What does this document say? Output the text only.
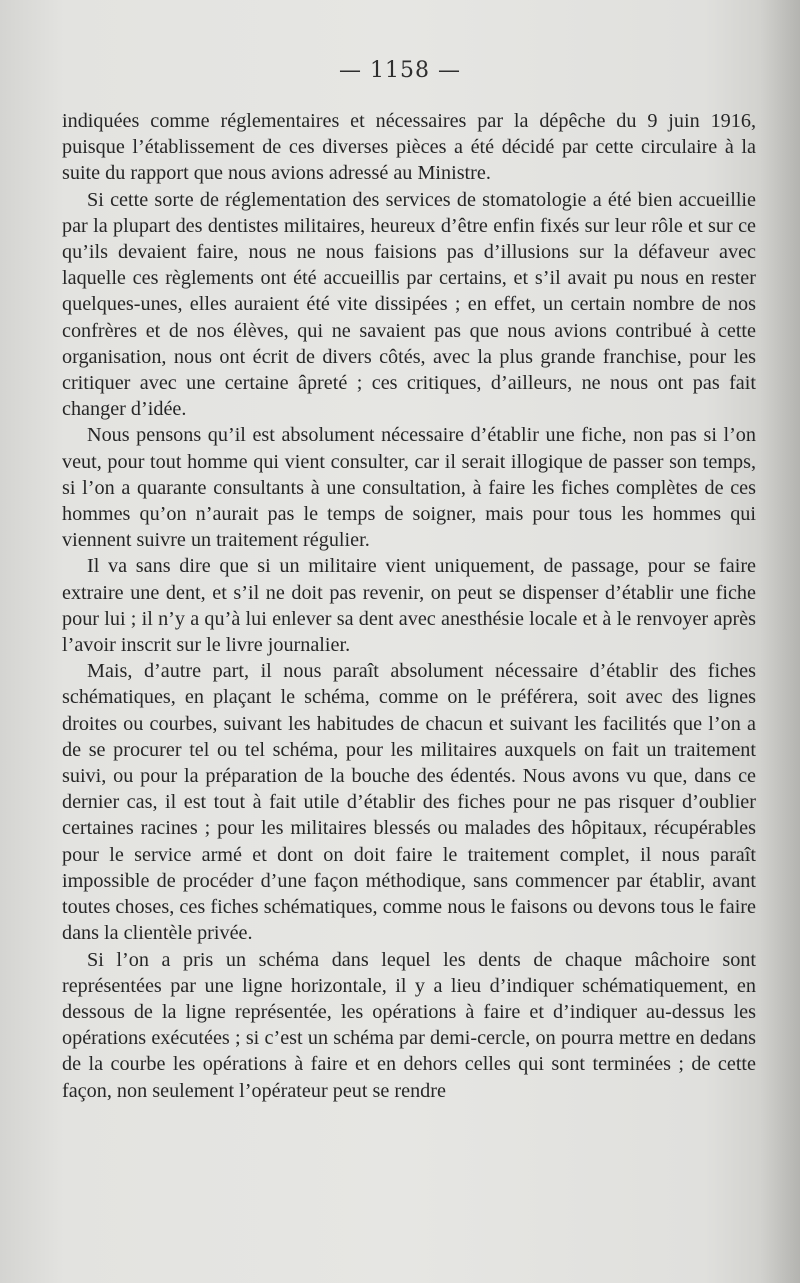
— 1158 —

indiquées comme réglementaires et nécessaires par la dépêche du 9 juin 1916, puisque l’établissement de ces diverses pièces a été décidé par cette circulaire à la suite du rapport que nous avions adressé au Ministre.

Si cette sorte de réglementation des services de stomatologie a été bien accueillie par la plupart des dentistes militaires, heureux d’être enfin fixés sur leur rôle et sur ce qu’ils devaient faire, nous ne nous faisions pas d’illusions sur la défaveur avec laquelle ces règlements ont été accueillis par certains, et s’il avait pu nous en rester quelques-unes, elles auraient été vite dissipées ; en effet, un certain nombre de nos confrères et de nos élèves, qui ne savaient pas que nous avions contribué à cette organisation, nous ont écrit de divers côtés, avec la plus grande franchise, pour les critiquer avec une certaine âpreté ; ces critiques, d’ailleurs, ne nous ont pas fait changer d’idée.

Nous pensons qu’il est absolument nécessaire d’établir une fiche, non pas si l’on veut, pour tout homme qui vient consulter, car il serait illogique de passer son temps, si l’on a quarante consultants à une consultation, à faire les fiches complètes de ces hommes qu’on n’aurait pas le temps de soigner, mais pour tous les hommes qui viennent suivre un traitement régulier.

Il va sans dire que si un militaire vient uniquement, de passage, pour se faire extraire une dent, et s’il ne doit pas revenir, on peut se dispenser d’établir une fiche pour lui ; il n’y a qu’à lui enlever sa dent avec anesthésie locale et à le renvoyer après l’avoir inscrit sur le livre journalier.

Mais, d’autre part, il nous paraît absolument nécessaire d’établir des fiches schématiques, en plaçant le schéma, comme on le préférera, soit avec des lignes droites ou courbes, suivant les habitudes de chacun et suivant les facilités que l’on a de se procurer tel ou tel schéma, pour les militaires auxquels on fait un traitement suivi, ou pour la préparation de la bouche des édentés. Nous avons vu que, dans ce dernier cas, il est tout à fait utile d’établir des fiches pour ne pas risquer d’oublier certaines racines ; pour les militaires blessés ou malades des hôpitaux, récupérables pour le service armé et dont on doit faire le traitement complet, il nous paraît impossible de procéder d’une façon méthodique, sans commencer par établir, avant toutes choses, ces fiches schématiques, comme nous le faisons ou devons tous le faire dans la clientèle privée.

Si l’on a pris un schéma dans lequel les dents de chaque mâchoire sont représentées par une ligne horizontale, il y a lieu d’indiquer schématiquement, en dessous de la ligne représentée, les opérations à faire et d’indiquer au-dessus les opérations exécutées ; si c’est un schéma par demi-cercle, on pourra mettre en dedans de la courbe les opérations à faire et en dehors celles qui sont terminées ; de cette façon, non seulement l’opérateur peut se rendre
